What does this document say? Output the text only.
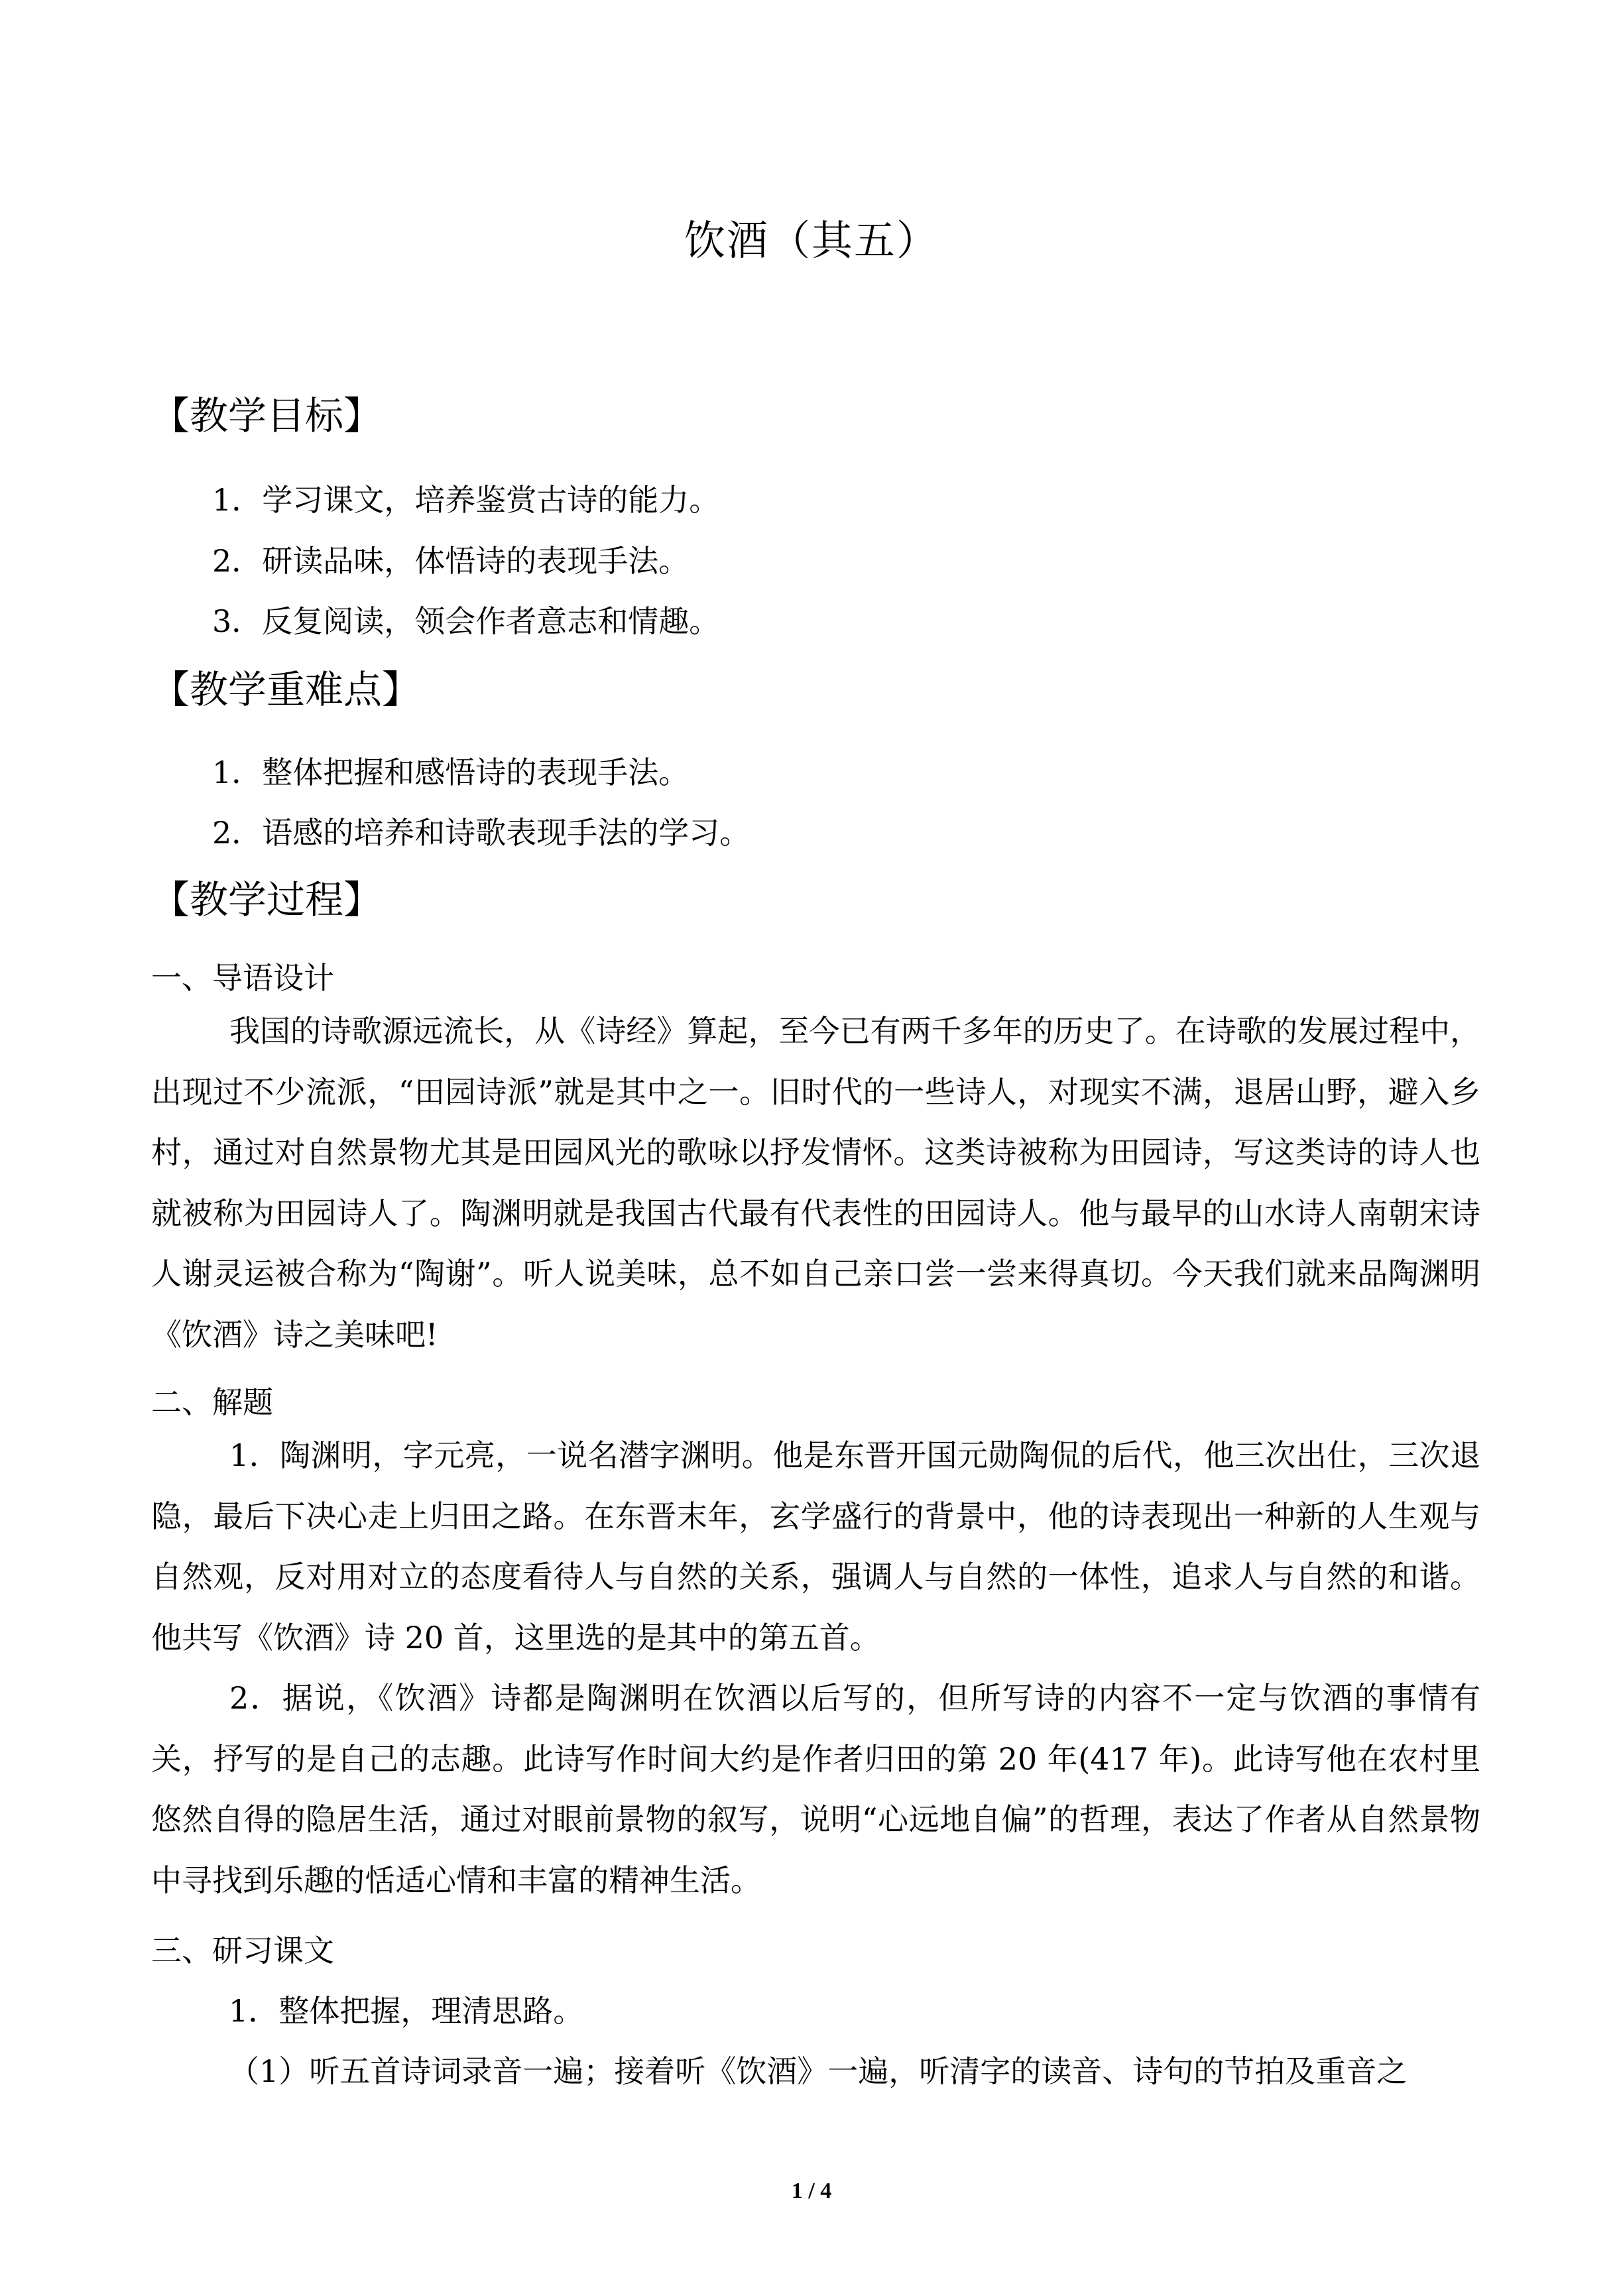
饮酒（其五）
【教学目标】
1．学习课文，培养鉴赏古诗的能力。
2．研读品味，体悟诗的表现手法。
3．反复阅读，领会作者意志和情趣。
【教学重难点】
1．整体把握和感悟诗的表现手法。
2．语感的培养和诗歌表现手法的学习。
【教学过程】
一、导语设计
我国的诗歌源远流长，从《诗经》算起，至今已有两千多年的历史了。在诗歌的发展过程中，出现过不少流派，“田园诗派”就是其中之一。旧时代的一些诗人，对现实不满，退居山野，避入乡村，通过对自然景物尤其是田园风光的歌咏以抒发情怀。这类诗被称为田园诗，写这类诗的诗人也就被称为田园诗人了。陶渊明就是我国古代最有代表性的田园诗人。他与最早的山水诗人南朝宋诗人谢灵运被合称为“陶谢”。听人说美味，总不如自己亲口尝一尝来得真切。今天我们就来品陶渊明《饮酒》诗之美味吧!
二、解题
1．陶渊明，字元亮，一说名潜字渊明。他是东晋开国元勋陶侃的后代，他三次出仕，三次退隐，最后下决心走上归田之路。在东晋末年，玄学盛行的背景中，他的诗表现出一种新的人生观与自然观，反对用对立的态度看待人与自然的关系，强调人与自然的一体性，追求人与自然的和谐。他共写《饮酒》诗 20 首，这里选的是其中的第五首。
2．据说，《饮酒》诗都是陶渊明在饮酒以后写的，但所写诗的内容不一定与饮酒的事情有关，抒写的是自己的志趣。此诗写作时间大约是作者归田的第 20 年(417 年)。此诗写他在农村里悠然自得的隐居生活，通过对眼前景物的叙写，说明“心远地自偏”的哲理，表达了作者从自然景物中寻找到乐趣的恬适心情和丰富的精神生活。
三、研习课文
1．整体把握，理清思路。
（1）听五首诗词录音一遍；接着听《饮酒》一遍，听清字的读音、诗句的节拍及重音之
1 / 4
